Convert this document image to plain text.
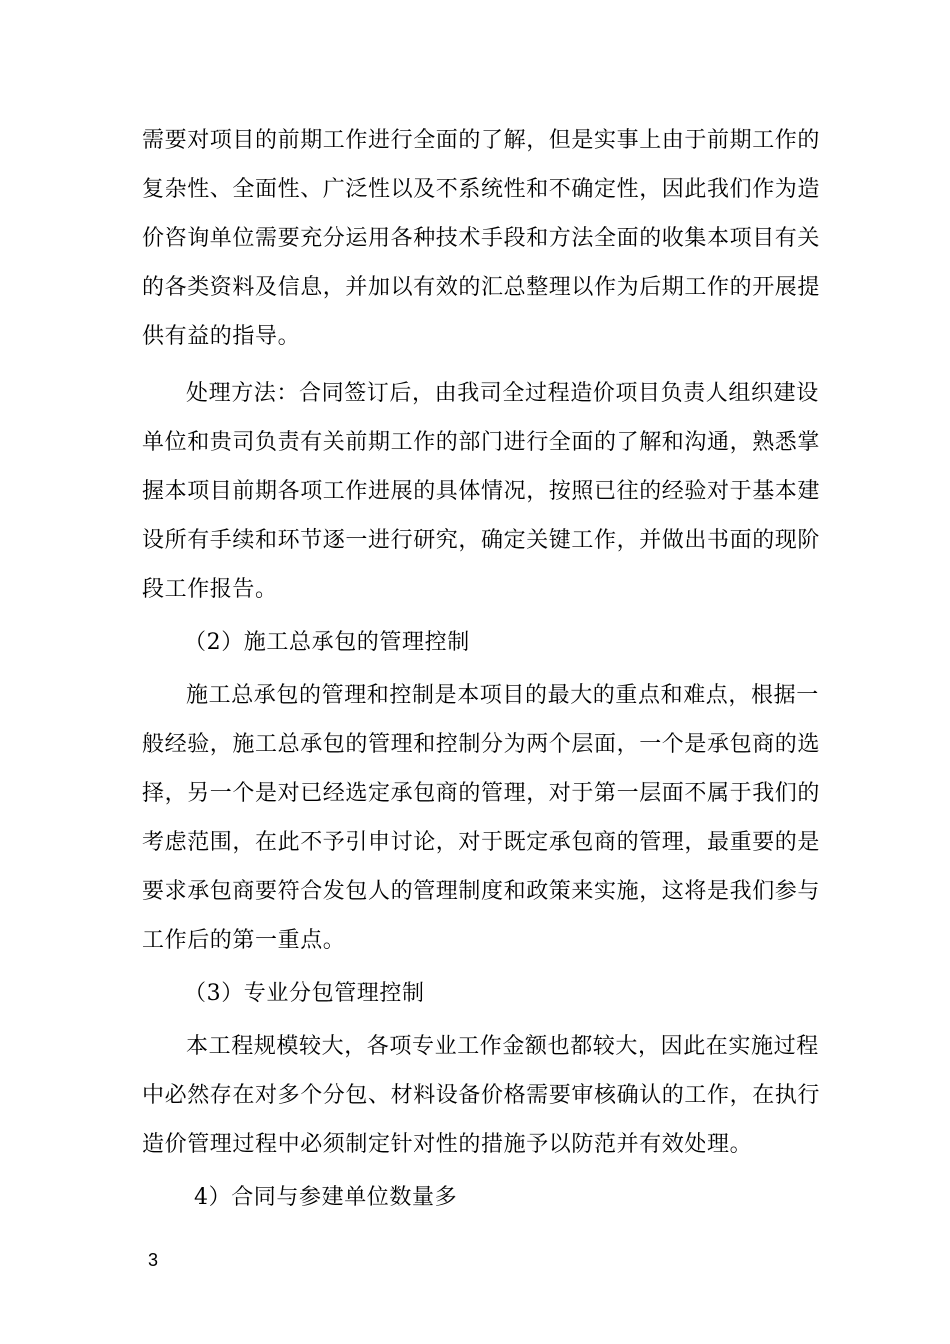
需要对项目的前期工作进行全面的了解，但是实事上由于前期工作的
复杂性、全面性、广泛性以及不系统性和不确定性，因此我们作为造
价咨询单位需要充分运用各种技术手段和方法全面的收集本项目有关
的各类资料及信息，并加以有效的汇总整理以作为后期工作的开展提
供有益的指导。
处理方法：合同签订后，由我司全过程造价项目负责人组织建设
单位和贵司负责有关前期工作的部门进行全面的了解和沟通，熟悉掌
握本项目前期各项工作进展的具体情况，按照已往的经验对于基本建
设所有手续和环节逐一进行研究，确定关键工作，并做出书面的现阶
段工作报告。
（2）施工总承包的管理控制
施工总承包的管理和控制是本项目的最大的重点和难点，根据一
般经验，施工总承包的管理和控制分为两个层面，一个是承包商的选
择，另一个是对已经选定承包商的管理，对于第一层面不属于我们的
考虑范围，在此不予引申讨论，对于既定承包商的管理，最重要的是
要求承包商要符合发包人的管理制度和政策来实施，这将是我们参与
工作后的第一重点。
（3）专业分包管理控制
本工程规模较大，各项专业工作金额也都较大，因此在实施过程
中必然存在对多个分包、材料设备价格需要审核确认的工作，在执行
造价管理过程中必须制定针对性的措施予以防范并有效处理。
4）合同与参建单位数量多
3
